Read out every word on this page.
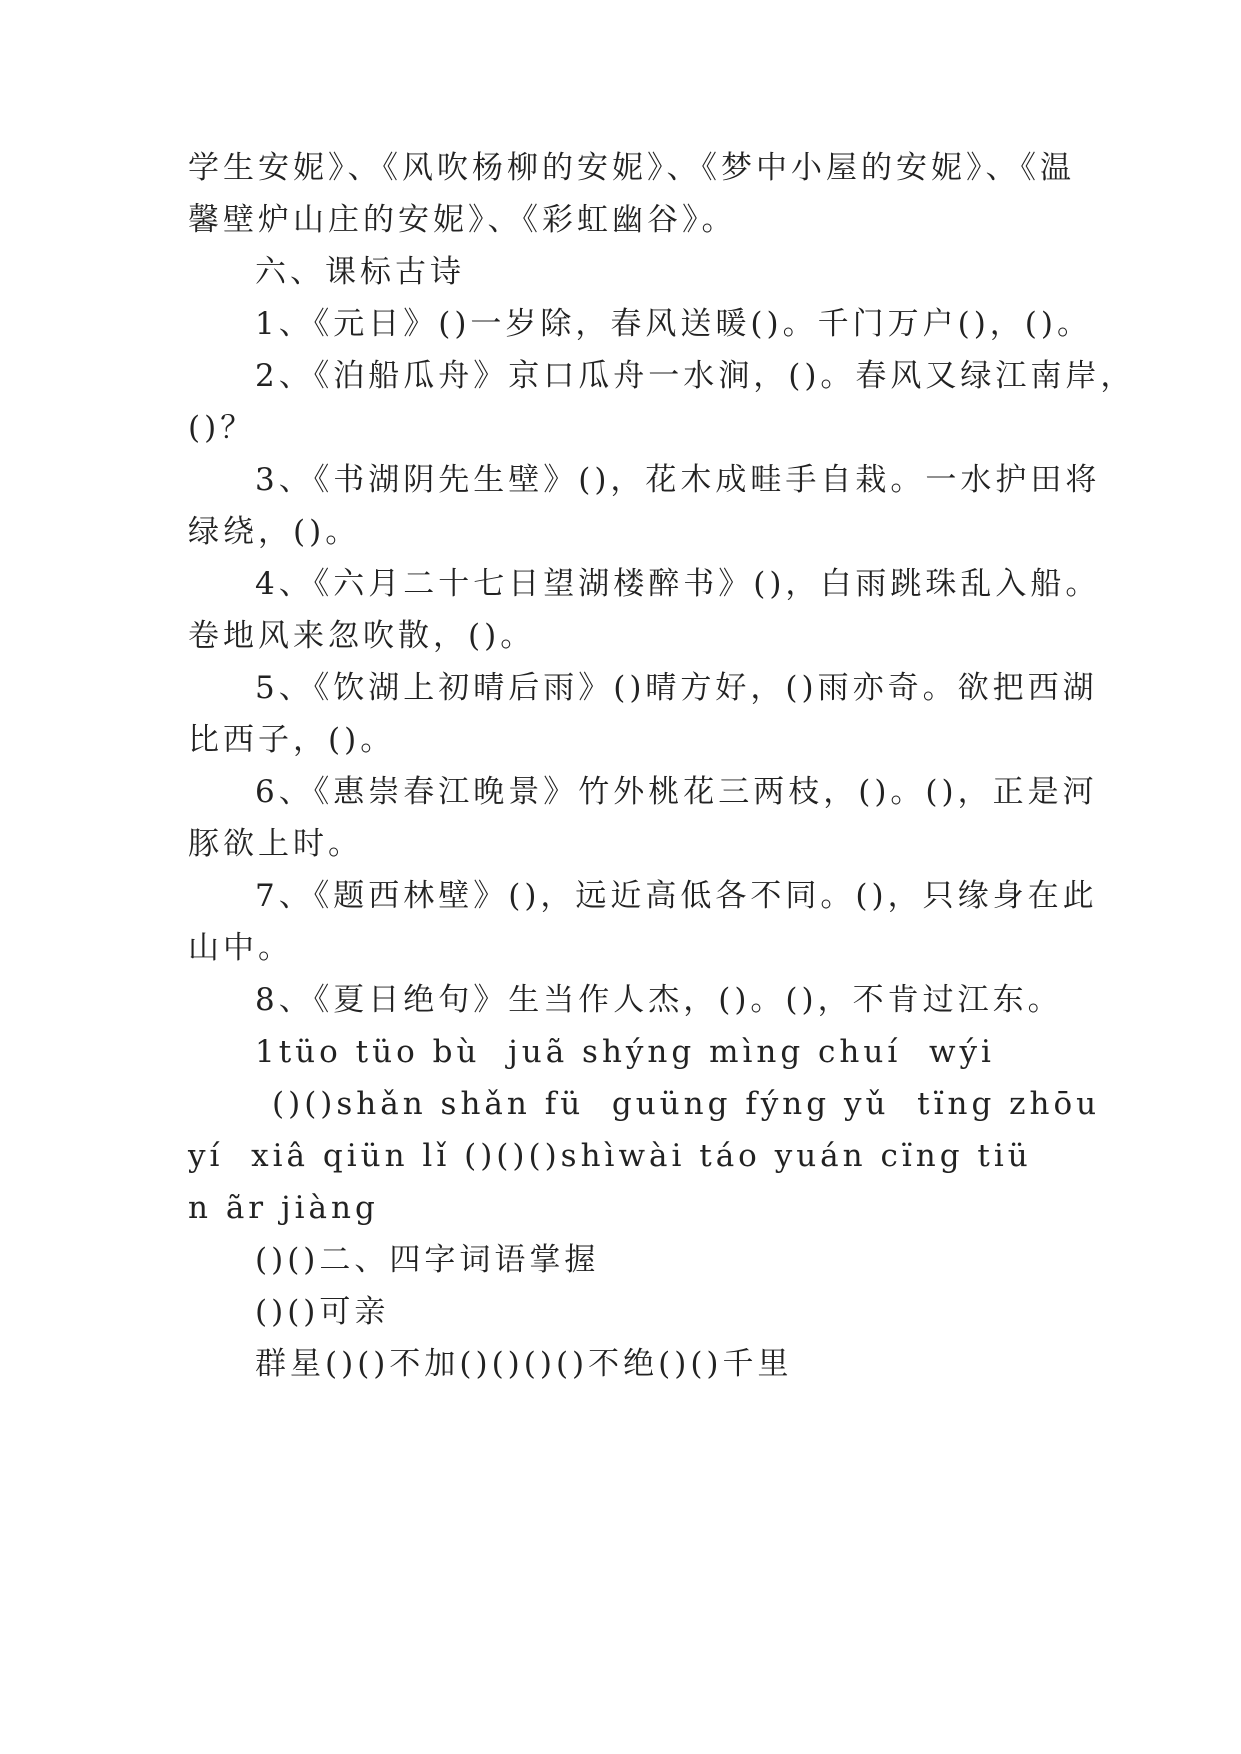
学生安妮》、《风吹杨柳的安妮》、《梦中小屋的安妮》、《温
馨壁炉山庄的安妮》、《彩虹幽谷》。
六、课标古诗
1、《元日》()一岁除，春风送暖()。千门万户()，()。
2、《泊船瓜舟》京口瓜舟一水涧，()。春风又绿江南岸，
()？
3、《书湖阴先生壁》()，花木成畦手自栽。一水护田将
绿绕，()。
4、《六月二十七日望湖楼醉书》()，白雨跳珠乱入船。
卷地风来忽吹散，()。
5、《饮湖上初晴后雨》()晴方好，()雨亦奇。欲把西湖
比西子，()。
6、《惠崇春江晚景》竹外桃花三两枝，()。()，正是河
豚欲上时。
7、《题西林壁》()，远近高低各不同。()，只缘身在此
山中。
8、《夏日绝句》生当作人杰，()。()，不肯过江东。
1tüo tüo bù  juã shýng mìng chuí  wýi
()()shǎn shǎn fü  guüng fýng yǔ  tïng zhōu
yí  xiâ qiün lǐ ()()()shìwài táo yuán cïng tiü
n ãr jiàng
()()二、四字词语掌握
()()可亲
群星()()不加()()()()不绝()()千里
